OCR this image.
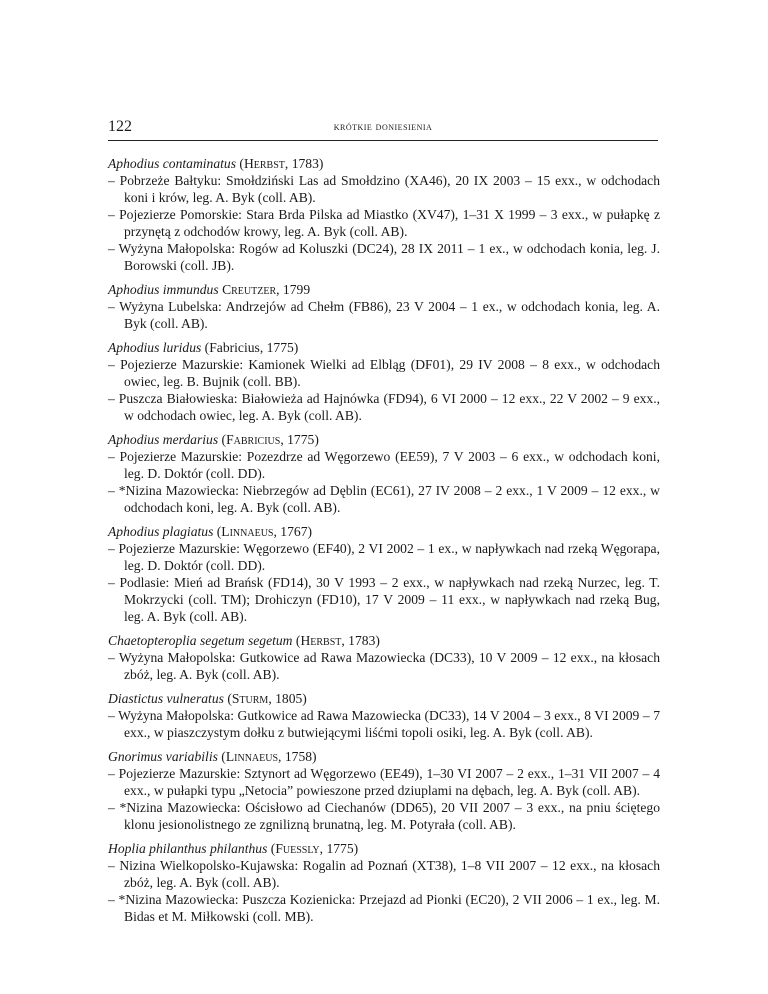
122	krótkie doniesienia

Aphodius contaminatus (Herbst, 1783)

– Pobrzeże Bałtyku: Smołdziński Las ad Smołdzino (XA46), 20 IX 2003 – 15 exx., w odchodach koni i krów, leg. A. Byk (coll. AB).

– Pojezierze Pomorskie: Stara Brda Pilska ad Miastko (XV47), 1–31 X 1999 – 3 exx., w pułapkę z przynętą z odchodów krowy, leg. A. Byk (coll. AB).

– Wyżyna Małopolska: Rogów ad Koluszki (DC24), 28 IX 2011 – 1 ex., w odchodach konia, leg. J. Borowski (coll. JB).

Aphodius immundus Creutzer, 1799

– Wyżyna Lubelska: Andrzejów ad Chełm (FB86), 23 V 2004 – 1 ex., w odchodach konia, leg. A. Byk (coll. AB).

Aphodius luridus (Fabricius, 1775)

– Pojezierze Mazurskie: Kamionek Wielki ad Elbląg (DF01), 29 IV 2008 – 8 exx., w odchodach owiec, leg. B. Bujnik (coll. BB).

– Puszcza Białowieska: Białowieża ad Hajnówka (FD94), 6 VI 2000 – 12 exx., 22 V 2002 – 9 exx., w odchodach owiec, leg. A. Byk (coll. AB).

Aphodius merdarius (Fabricius, 1775)

– Pojezierze Mazurskie: Pozezdrze ad Węgorzewo (EE59), 7 V 2003 – 6 exx., w odchodach koni, leg. D. Doktór (coll. DD).

– *Nizina Mazowiecka: Niebrzegów ad Dęblin (EC61), 27 IV 2008 – 2 exx., 1 V 2009 – 12 exx., w odchodach koni, leg. A. Byk (coll. AB).

Aphodius plagiatus (Linnaeus, 1767)

– Pojezierze Mazurskie: Węgorzewo (EF40), 2 VI 2002 – 1 ex., w napływkach nad rzeką Węgorapa, leg. D. Doktór (coll. DD).

– Podlasie: Mień ad Brańsk (FD14), 30 V 1993 – 2 exx., w napływkach nad rzeką Nurzec, leg. T. Mokrzycki (coll. TM); Drohiczyn (FD10), 17 V 2009 – 11 exx., w napływkach nad rzeką Bug, leg. A. Byk (coll. AB).

Chaetopteroplia segetum segetum (Herbst, 1783)

– Wyżyna Małopolska: Gutkowice ad Rawa Mazowiecka (DC33), 10 V 2009 – 12 exx., na kłosach zbóż, leg. A. Byk (coll. AB).

Diastictus vulneratus (Sturm, 1805)

– Wyżyna Małopolska: Gutkowice ad Rawa Mazowiecka (DC33), 14 V 2004 – 3 exx., 8 VI 2009 – 7 exx., w piaszczystym dołku z butwiejącymi liśćmi topoli osiki, leg. A. Byk (coll. AB).

Gnorimus variabilis (Linnaeus, 1758)

– Pojezierze Mazurskie: Sztynort ad Węgorzewo (EE49), 1–30 VI 2007 – 2 exx., 1–31 VII 2007 – 4 exx., w pułapki typu „Netocia” powieszone przed dziuplami na dębach, leg. A. Byk (coll. AB).

– *Nizina Mazowiecka: Ościsłowo ad Ciechanów (DD65), 20 VII 2007 – 3 exx., na pniu ściętego klonu jesionolistnego ze zgnilizną brunatną, leg. M. Potyrała (coll. AB).

Hoplia philanthus philanthus (Fuessly, 1775)

– Nizina Wielkopolsko-Kujawska: Rogalin ad Poznań (XT38), 1–8 VII 2007 – 12 exx., na kłosach zbóż, leg. A. Byk (coll. AB).

– *Nizina Mazowiecka: Puszcza Kozienicka: Przejazd ad Pionki (EC20), 2 VII 2006 – 1 ex., leg. M. Bidas et M. Miłkowski (coll. MB).
